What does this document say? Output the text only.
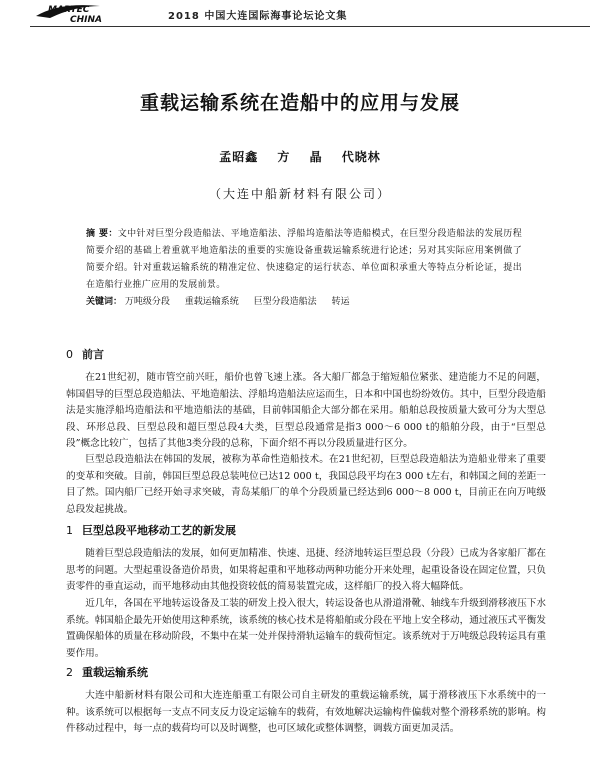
MARTEC
CHINA	2018 中国大连国际海事论坛论文集
重载运输系统在造船中的应用与发展
孟昭鑫 方 晶 代晓林
（大连中船新材料有限公司）
摘 要：文中针对巨型分段造船法、平地造船法、浮船坞造船法等造船模式，在巨型分段造船法的发展历程简要介绍的基础上着重就平地造船法的重要的实施设备重载运输系统进行论述；另对其实际应用案例做了简要介绍。针对重载运输系统的精准定位、快速稳定的运行状态、单位面积承重大等特点分析论证，提出在造船行业推广应用的发展前景。
关键词： 万吨级分段 重载运输系统 巨型分段造船法 转运
0 前言
在21世纪初，随市管空前兴旺，船价也曾飞速上涨。各大船厂都急于缩短船位紧张、建造能力不足的问题，韩国倡导的巨型总段造船法、平地造船法、浮船坞造船法应运而生，日本和中国也纷纷效仿。其中，巨型分段造船法是实施浮船坞造船法和平地造船法的基础，目前韩国船企大部分都在采用。船舶总段按质量大致可分为大型总段、环形总段、巨型总段和超巨型总段4大类，巨型总段通常是指3 000～6 000 t的船舶分段，由于“巨型总段”概念比较广，包括了其他3类分段的总称，下面介绍不再以分段质量进行区分。
巨型总段造船法在韩国的发展，被称为革命性造船技术。在21世纪初，巨型总段造船法为造船业带来了重要的变革和突破。目前，韩国巨型总段总装吨位已达12 000 t，我国总段平均在3 000 t左右，和韩国之间的差距一目了然。国内船厂已经开始寻求突破，青岛某船厂的单个分段质量已经达到6 000～8 000 t，目前正在向万吨级总段发起挑战。
1 巨型总段平地移动工艺的新发展
随着巨型总段造船法的发展，如何更加精准、快速、迅捷、经济地转运巨型总段（分段）已成为各家船厂都在思考的问题。大型起重设备造价昂贵，如果将起重和平地移动两种功能分开来处理，起重设备设在固定位置，只负责零件的垂直运动，而平地移动由其他投资较低的简易装置完成，这样船厂的投入将大幅降低。
近几年，各国在平地转运设备及工装的研发上投入很大，转运设备也从滑道滑靴、轴线车升级到滑移液压下水系统。韩国船企最先开始使用这种系统，该系统的核心技术是将船舶或分段在平地上安全移动，通过液压式平衡发置确保船体的质量在移动阶段，不集中在某一处并保持滑轨运输车的载荷恒定。该系统对于万吨级总段转运具有重要作用。
2 重载运输系统
大连中船新材料有限公司和大连连船重工有限公司自主研发的重载运输系统，属于滑移液压下水系统中的一种。该系统可以根据每一支点不同支反力设定运输车的载荷，有效地解决运输构件偏载对整个滑移系统的影响。构件移动过程中，每一点的载荷均可以及时调整，也可区域化或整体调整，调载方面更加灵活。
